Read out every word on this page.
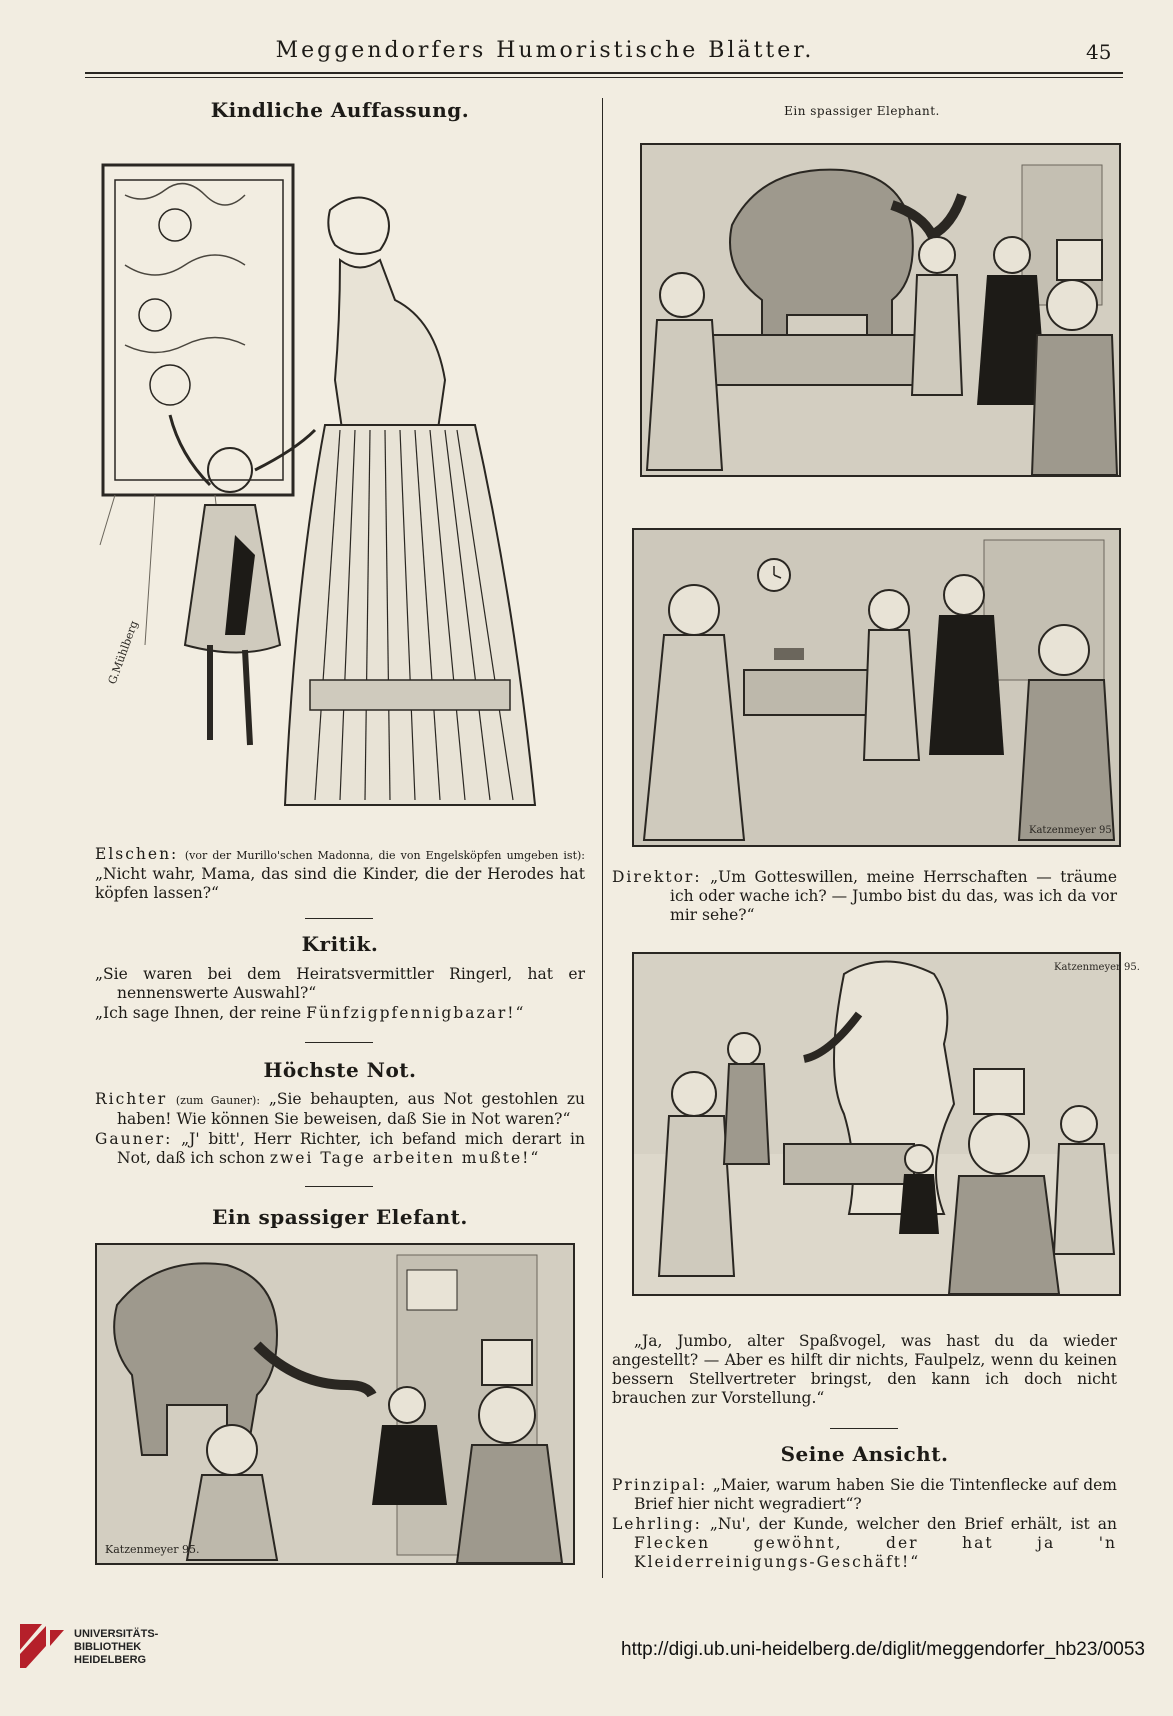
Meggendorfers Humoristische Blätter.	45
Kindliche Auffassung.
G.Mühlberg

Elschen: (vor der Murillo'schen Madonna, die von Engelsköpfen umgeben ist): „Nicht wahr, Mama, das sind die Kinder, die der Herodes hat köpfen lassen?“

Kritik.

„Sie waren bei dem Heiratsvermittler Ringerl, hat er nennenswerte Auswahl?“

„Ich sage Ihnen, der reine Fünfzigpfennigbazar!“

Höchste Not.

Richter (zum Gauner): „Sie behaupten, aus Not gestohlen zu haben! Wie können Sie beweisen, daß Sie in Not waren?“

Gauner: „J' bitt', Herr Richter, ich befand mich derart in Not, daß ich schon zwei Tage arbeiten mußte!“

Ein spassiger Elefant.
Katzenmeyer 95.
Ein spassiger Elephant.
Katzenmeyer 95.

Direktor: „Um Gotteswillen, meine Herrschaften — träume ich oder wache ich? — Jumbo bist du das, was ich da vor mir sehe?“

Katzenmeyer 95.
„Ja, Jumbo, alter Spaßvogel, was hast du da wieder angestellt? — Aber es hilft dir nichts, Faulpelz, wenn du keinen bessern Stellvertreter bringst, den kann ich doch nicht brauchen zur Vorstellung.“
Seine Ansicht.

Prinzipal: „Maier, warum haben Sie die Tintenflecke auf dem Brief hier nicht wegradiert“?

Lehrling: „Nu', der Kunde, welcher den Brief erhält, ist an Flecken gewöhnt, der hat ja 'n Kleiderreinigungs-Geschäft!“

UNIVERSITÄTS-
BIBLIOTHEK
HEIDELBERG	http://digi.ub.uni-heidelberg.de/diglit/meggendorfer_hb23/0053
